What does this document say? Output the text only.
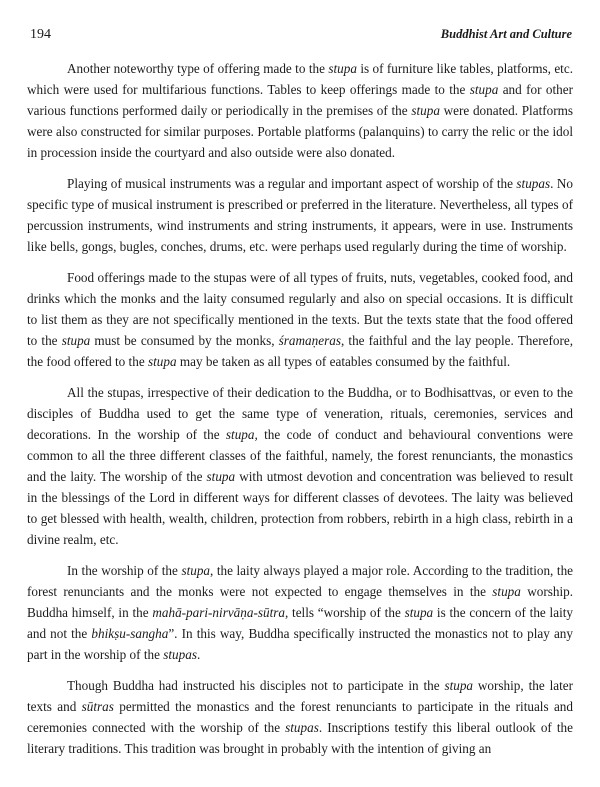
194	Buddhist Art and Culture

Another noteworthy type of offering made to the stupa is of furniture like tables, platforms, etc. which were used for multifarious functions. Tables to keep offerings made to the stupa and for other various functions performed daily or periodically in the premises of the stupa were donated. Platforms were also constructed for similar purposes. Portable platforms (palanquins) to carry the relic or the idol in procession inside the courtyard and also outside were also donated.

Playing of musical instruments was a regular and important aspect of worship of the stupas. No specific type of musical instrument is prescribed or preferred in the literature. Nevertheless, all types of percussion instruments, wind instruments and string instruments, it appears, were in use. Instruments like bells, gongs, bugles, conches, drums, etc. were perhaps used regularly during the time of worship.

Food offerings made to the stupas were of all types of fruits, nuts, vegetables, cooked food, and drinks which the monks and the laity consumed regularly and also on special occasions. It is difficult to list them as they are not specifically mentioned in the texts. But the texts state that the food offered to the stupa must be consumed by the monks, śramaṇeras, the faithful and the lay people. Therefore, the food offered to the stupa may be taken as all types of eatables consumed by the faithful.

All the stupas, irrespective of their dedication to the Buddha, or to Bodhisattvas, or even to the disciples of Buddha used to get the same type of veneration, rituals, ceremonies, services and decorations. In the worship of the stupa, the code of conduct and behavioural conventions were common to all the three different classes of the faithful, namely, the forest renunciants, the monastics and the laity. The worship of the stupa with utmost devotion and concentration was believed to result in the blessings of the Lord in different ways for different classes of devotees. The laity was believed to get blessed with health, wealth, children, protection from robbers, rebirth in a high class, rebirth in a divine realm, etc.

In the worship of the stupa, the laity always played a major role. According to the tradition, the forest renunciants and the monks were not expected to engage themselves in the stupa worship. Buddha himself, in the mahā-pari-nirvāṇa-sūtra, tells “worship of the stupa is the concern of the laity and not the bhikṣu-sangha”. In this way, Buddha specifically instructed the monastics not to play any part in the worship of the stupas.

Though Buddha had instructed his disciples not to participate in the stupa worship, the later texts and sūtras permitted the monastics and the forest renunciants to participate in the rituals and ceremonies connected with the worship of the stupas. Inscriptions testify this liberal outlook of the literary traditions. This tradition was brought in probably with the intention of giving an
